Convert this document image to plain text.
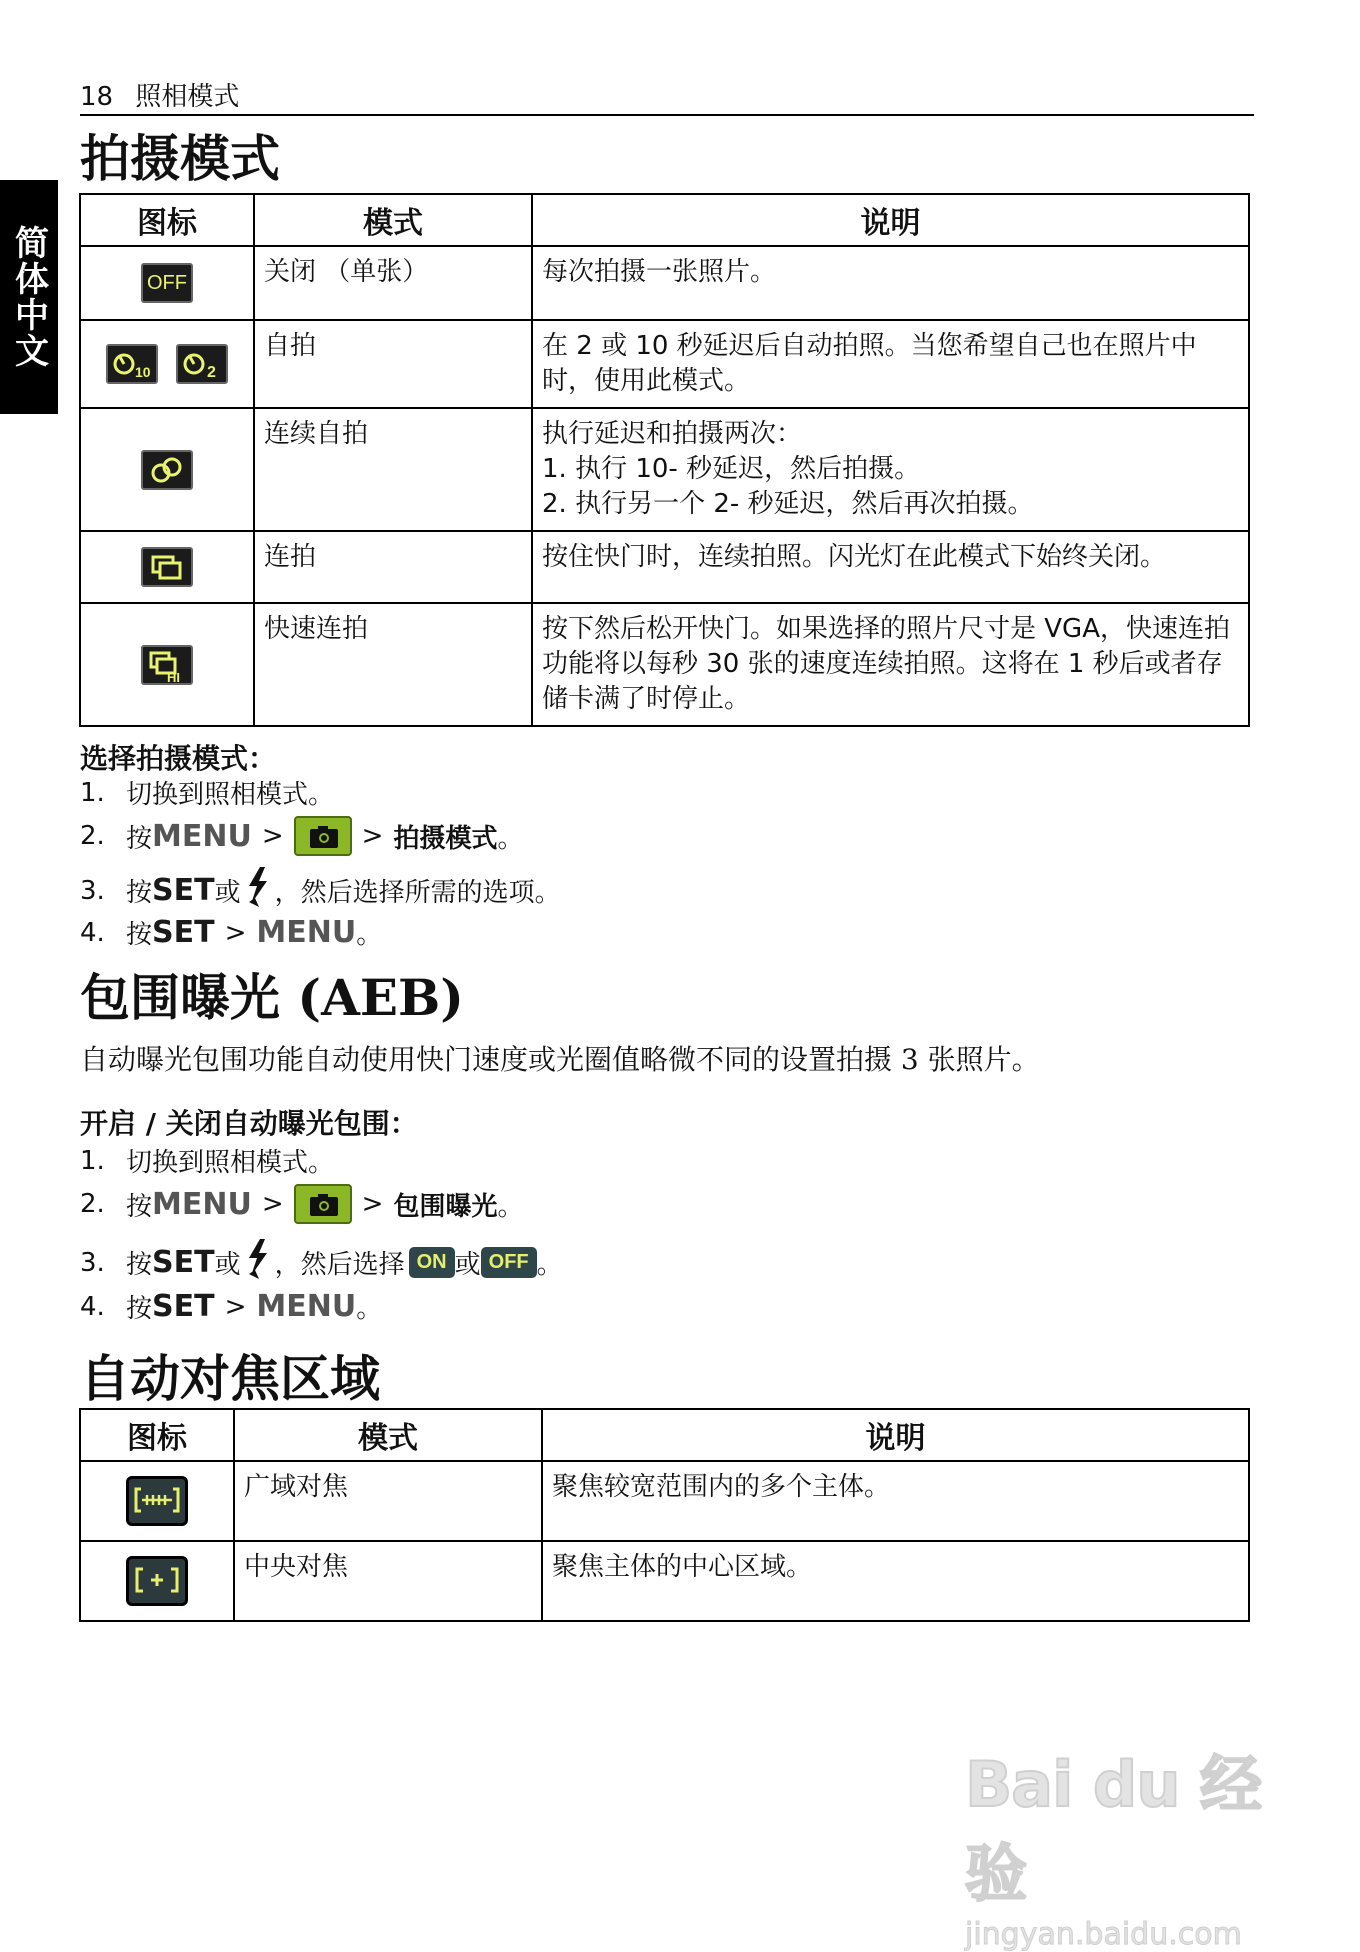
18 照相模式
简体中文
拍摄模式
图标	模式	说明
OFF	关闭 （单张）	每次拍摄一张照片。

10
2	自拍	在 2 或 10 秒延迟后自动拍照。当您希望自己也在照片中时，使用此模式。

	连续自拍	执行延迟和拍摄两次：
1. 执行 10- 秒延迟，然后拍摄。
2. 执行另一个 2- 秒延迟，然后再次拍摄。

	连拍	按住快门时，连续拍照。闪光灯在此模式下始终关闭。

HI	快速连拍	按下然后松开快门。如果选择的照片尺寸是 VGA，快速连拍功能将以每秒 30 张的速度连续拍照。这将在 1 秒后或者存储卡满了时停止。
选择拍摄模式：
1. 切换到照相模式。
2. 按 MENU >	> 拍摄模式 。
3. 按 SET 或 ，然后选择所需的选项。
4. 按 SET > MENU 。
包围曝光 (AEB)
自动曝光包围功能自动使用快门速度或光圈值略微不同的设置拍摄 3 张照片。
开启 / 关闭自动曝光包围：
1. 切换到照相模式。
2. 按 MENU >	> 包围曝光 。
3. 按 SET 或 ，然后选择 ON 或 OFF 。
4. 按 SET > MENU 。
自动对焦区域
图标	模式	说明

	广域对焦	聚焦较宽范围内的多个主体。

	中央对焦	聚焦主体的中心区域。
Bai du 经验
jingyan.baidu.com
